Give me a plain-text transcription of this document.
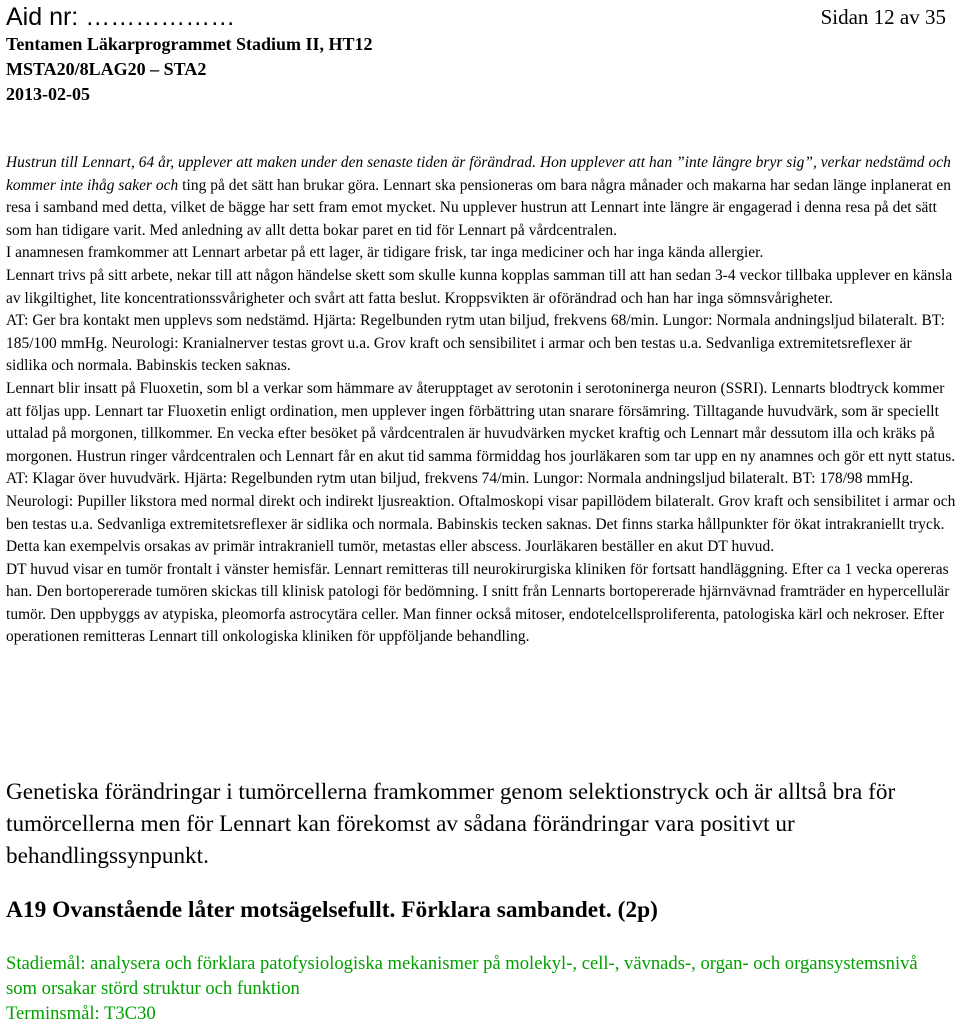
Aid nr: ………………	Sidan 12 av 35
Tentamen Läkarprogrammet Stadium II, HT12
MSTA20/8LAG20 – STA2
2013-02-05

Hustrun till Lennart, 64 år, upplever att maken under den senaste tiden är förändrad. Hon upplever att han ”inte längre bryr sig”, verkar nedstämd och kommer inte ihåg saker och ting på det sätt han brukar göra. Lennart ska pensioneras om bara några månader och makarna har sedan länge inplanerat en resa i samband med detta, vilket de bägge har sett fram emot mycket. Nu upplever hustrun att Lennart inte längre är engagerad i denna resa på det sätt som han tidigare varit. Med anledning av allt detta bokar paret en tid för Lennart på vårdcentralen.

I anamnesen framkommer att Lennart arbetar på ett lager, är tidigare frisk, tar inga mediciner och har inga kända allergier.

Lennart trivs på sitt arbete, nekar till att någon händelse skett som skulle kunna kopplas samman till att han sedan 3-4 veckor tillbaka upplever en känsla av likgiltighet, lite koncentrationssvårigheter och svårt att fatta beslut. Kroppsvikten är oförändrad och han har inga sömnsvårigheter.

AT: Ger bra kontakt men upplevs som nedstämd. Hjärta: Regelbunden rytm utan biljud, frekvens 68/min. Lungor: Normala andningsljud bilateralt. BT: 185/100 mmHg. Neurologi: Kranialnerver testas grovt u.a. Grov kraft och sensibilitet i armar och ben testas u.a. Sedvanliga extremitetsreflexer är sidlika och normala. Babinskis tecken saknas.

Lennart blir insatt på Fluoxetin, som bl a verkar som hämmare av återupptaget av serotonin i serotoninerga neuron (SSRI). Lennarts blodtryck kommer att följas upp. Lennart tar Fluoxetin enligt ordination, men upplever ingen förbättring utan snarare försämring. Tilltagande huvudvärk, som är speciellt uttalad på morgonen, tillkommer. En vecka efter besöket på vårdcentralen är huvudvärken mycket kraftig och Lennart mår dessutom illa och kräks på morgonen. Hustrun ringer vårdcentralen och Lennart får en akut tid samma förmiddag hos jourläkaren som tar upp en ny anamnes och gör ett nytt status. AT: Klagar över huvudvärk. Hjärta: Regelbunden rytm utan biljud, frekvens 74/min. Lungor: Normala andningsljud bilateralt. BT: 178/98 mmHg. Neurologi: Pupiller likstora med normal direkt och indirekt ljusreaktion. Oftalmoskopi visar papillödem bilateralt. Grov kraft och sensibilitet i armar och ben testas u.a. Sedvanliga extremitetsreflexer är sidlika och normala. Babinskis tecken saknas. Det finns starka hållpunkter för ökat intrakraniellt tryck. Detta kan exempelvis orsakas av primär intrakraniell tumör, metastas eller abscess. Jourläkaren beställer en akut DT huvud.

DT huvud visar en tumör frontalt i vänster hemisfär. Lennart remitteras till neurokirurgiska kliniken för fortsatt handläggning. Efter ca 1 vecka opereras han. Den bortopererade tumören skickas till klinisk patologi för bedömning. I snitt från Lennarts bortopererade hjärnvävnad framträder en hypercellulär tumör. Den uppbyggs av atypiska, pleomorfa astrocytära celler. Man finner också mitoser, endotelcellsproliferenta, patologiska kärl och nekroser. Efter operationen remitteras Lennart till onkologiska kliniken för uppföljande behandling.

Genetiska förändringar i tumörcellerna framkommer genom selektionstryck och är alltså bra för tumörcellerna men för Lennart kan förekomst av sådana förändringar vara positivt ur behandlingssynpunkt.
A19 Ovanstående låter motsägelsefullt. Förklara sambandet. (2p)
Stadiemål: analysera och förklara patofysiologiska mekanismer på molekyl-, cell-, vävnads-, organ- och organsystemsnivå som orsakar störd struktur och funktion
Terminsmål: T3C30
